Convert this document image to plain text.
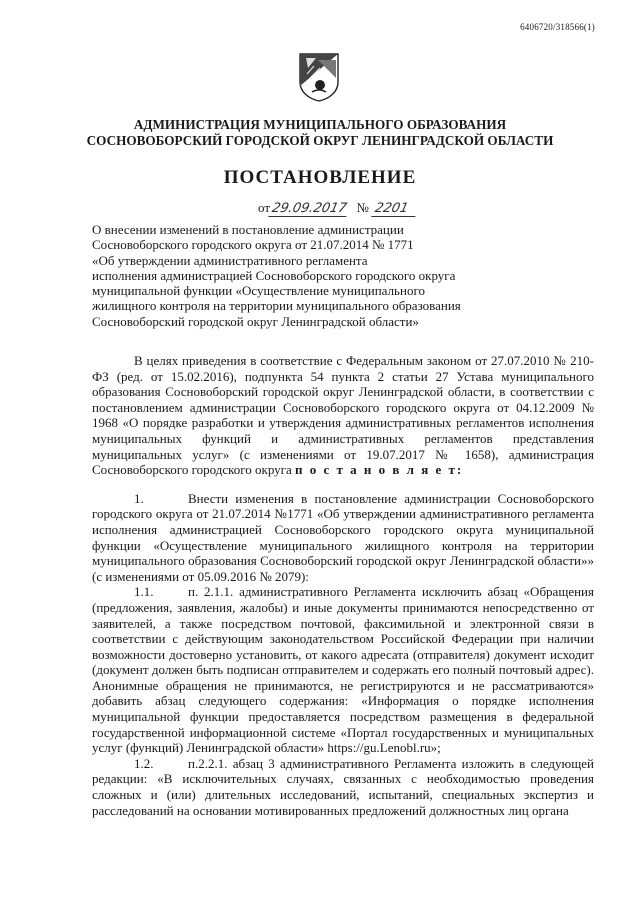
6406720/318566(1)
АДМИНИСТРАЦИЯ МУНИЦИПАЛЬНОГО ОБРАЗОВАНИЯ
СОСНОВОБОРСКИЙ ГОРОДСКОЙ ОКРУГ ЛЕНИНГРАДСКОЙ ОБЛАСТИ
ПОСТАНОВЛЕНИЕ
от29.09.2017 № 2201
О внесении изменений в постановление администрации
Сосновоборского городского округа от 21.07.2014 № 1771
«Об утверждении административного регламента
исполнения администрацией Сосновоборского городского округа
муниципальной функции «Осуществление муниципального
жилищного контроля на территории муниципального образования
Сосновоборский городской округ Ленинградской области»

В целях приведения в соответствие с Федеральным законом от 27.07.2010 № 210-ФЗ (ред. от 15.02.2016), подпункта 54 пункта 2 статьи 27 Устава муниципального образования Сосновоборский городской округ Ленинградской области, в соответствии с постановлением администрации Сосновоборского городского округа от 04.12.2009 № 1968 «О порядке разработки и утверждения административных регламентов исполнения муниципальных функций и административных регламентов представления муниципальных услуг» (с изменениями от 19.07.2017 № 1658), администрация Сосновоборского городского округа п о с т а н о в л я е т:

1.	Внести изменения в постановление администрации Сосновоборского городского округа от 21.07.2014 №1771 «Об утверждении административного регламента исполнения администрацией Сосновоборского городского округа муниципальной функции «Осуществление муниципального жилищного контроля на территории муниципального образования Сосновоборский городской округ Ленинградской области»» (с изменениями от 05.09.2016 № 2079):

1.1.	п. 2.1.1. административного Регламента исключить абзац «Обращения (предложения, заявления, жалобы) и иные документы принимаются непосредственно от заявителей, а также посредством почтовой, факсимильной и электронной связи в соответствии с действующим законодательством Российской Федерации при наличии возможности достоверно установить, от какого адресата (отправителя) документ исходит (документ должен быть подписан отправителем и содержать его полный почтовый адрес). Анонимные обращения не принимаются, не регистрируются и не рассматриваются» добавить абзац следующего содержания: «Информация о порядке исполнения муниципальной функции предоставляется посредством размещения в федеральной государственной информационной системе «Портал государственных и муниципальных услуг (функций) Ленинградской области» https://gu.Lenobl.ru»;

1.2.	п.2.2.1. абзац 3 административного Регламента изложить в следующей редакции: «В исключительных случаях, связанных с необходимостью проведения сложных и (или) длительных исследований, испытаний, специальных экспертиз и расследований на основании мотивированных предложений должностных лиц органа
